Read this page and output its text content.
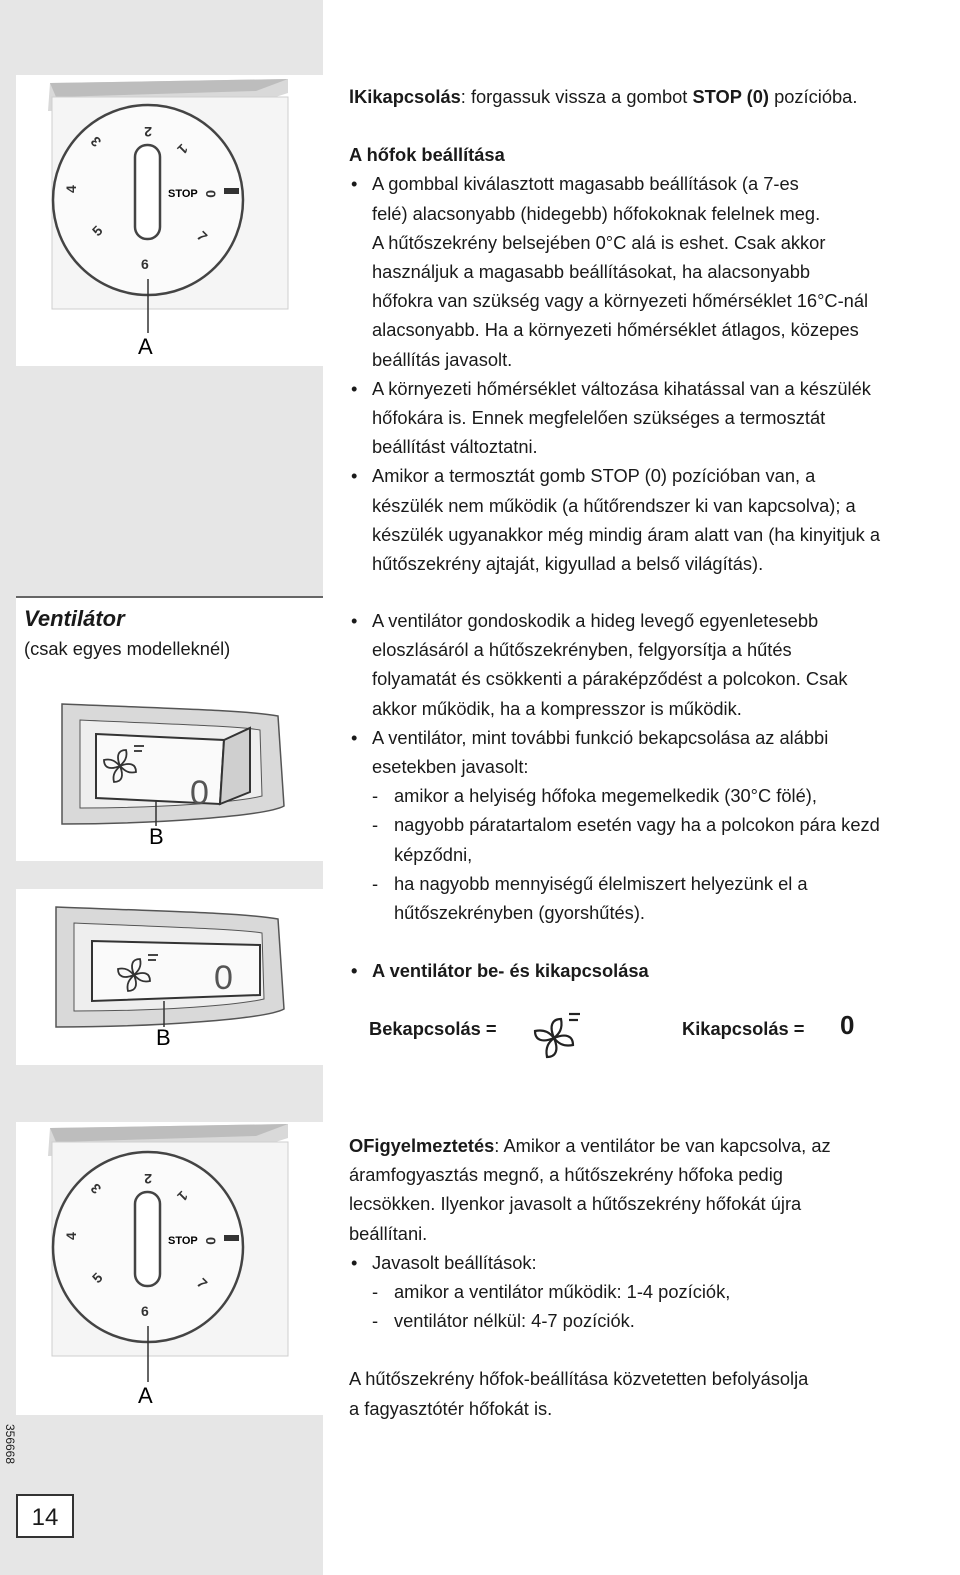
STOP 0
1
2
3
4
5
6
7
A

lKikapcsolás: forgassuk vissza a gombot STOP (0) pozícióba.

A hőfok beállítása

• A gombbal kiválasztott magasabb beállítások (a 7-es

felé) alacsonyabb (hidegebb) hőfokoknak felelnek meg.

A hűtőszekrény belsejében 0°C alá is eshet. Csak akkor

használjuk a magasabb beállításokat, ha alacsonyabb

hőfokra van szükség vagy a környezeti hőmérséklet 16°C-nál

alacsonyabb. Ha a környezeti hőmérséklet átlagos, közepes

beállítás javasolt.

• A környezeti hőmérséklet változása kihatással van a készülék

hőfokára is. Ennek megfelelően szükséges a termosztát

beállítást változtatni.

• Amikor a termosztát gomb STOP (0) pozícióban van, a

készülék nem működik (a hűtőrendszer ki van kapcsolva); a

készülék ugyanakkor még mindig áram alatt van (ha kinyitjuk a

hűtőszekrény ajtaját, kigyullad a belső világítás).

Ventilátor
(csak egyes modelleknél)
0
B
0
B

• A ventilátor gondoskodik a hideg levegő egyenletesebb

eloszlásáról a hűtőszekrényben, felgyorsítja a hűtés

folyamatát és csökkenti a páraképződést a polcokon. Csak

akkor működik, ha a kompresszor is működik.

• A ventilátor, mint további funkció bekapcsolása az alábbi

esetekben javasolt:

- amikor a helyiség hőfoka megemelkedik (30°C fölé),

- nagyobb páratartalom esetén vagy ha a polcokon pára kezd

képződni,

- ha nagyobb mennyiségű élelmiszert helyezünk el a

hűtőszekrényben (gyorshűtés).

• A ventilátor be- és kikapcsolása

Bekapcsolás =	Kikapcsolás = 0
STOP 0
1
2
3
4
5
6
7
A

OFigyelmeztetés: Amikor a ventilátor be van kapcsolva, az

áramfogyasztás megnő, a hűtőszekrény hőfoka pedig

lecsökken. Ilyenkor javasolt a hűtőszekrény hőfokát újra

beállítani.

• Javasolt beállítások:

- amikor a ventilátor működik: 1-4 pozíciók,

- ventilátor nélkül: 4-7 pozíciók.

A hűtőszekrény hőfok-beállítása közvetetten befolyásolja

a fagyasztótér hőfokát is.

356668
14
